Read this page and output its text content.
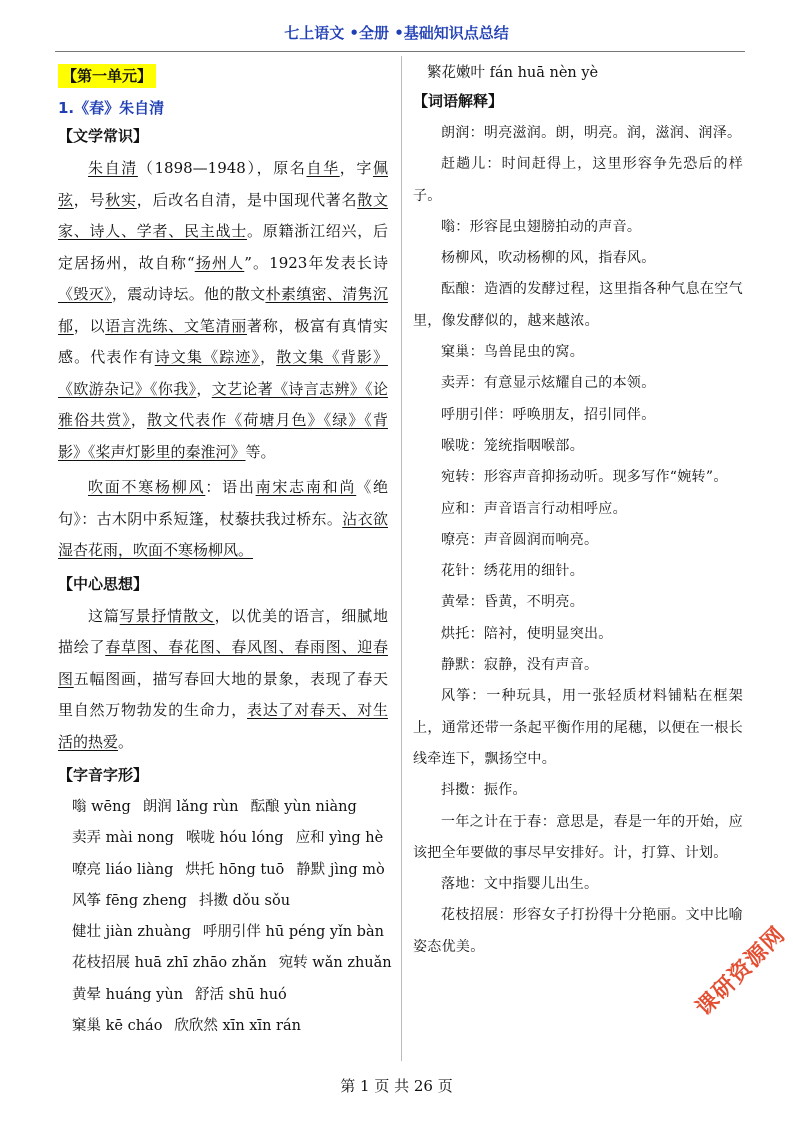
七上语文 •全册 •基础知识点总结
【第一单元】
1.《春》朱自清
【文学常识】

朱自清（1898—1948），原名自华，字佩弦，号秋实，后改名自清，是中国现代著名散文家、诗人、学者、民主战士。原籍浙江绍兴，后定居扬州，故自称“扬州人”。1923年发表长诗《毁灭》，震动诗坛。他的散文朴素缜密、清隽沉郁，以语言洗练、文笔清丽著称，极富有真情实感。代表作有诗文集《踪迹》，散文集《背影》《欧游杂记》《你我》，文艺论著《诗言志辨》《论雅俗共赏》，散文代表作《荷塘月色》《绿》《背影》《桨声灯影里的秦淮河》等。

吹面不寒杨柳风：语出南宋志南和尚《绝句》：古木阴中系短篷，杖藜扶我过桥东。沾衣欲湿杏花雨，吹面不寒杨柳风。

【中心思想】

这篇写景抒情散文，以优美的语言，细腻地描绘了春草图、春花图、春风图、春雨图、迎春图五幅图画，描写春回大地的景象，表现了春天里自然万物勃发的生命力，表达了对春天、对生活的热爱。

【字音字形】
嗡 wēng 朗润 lǎng rùn 酝酿 yùn niàng
卖弄 mài nong 喉咙 hóu lóng 应和 yìng hè
嘹亮 liáo liàng 烘托 hōng tuō 静默 jìng mò
风筝 fēng zheng 抖擞 dǒu sǒu
健壮 jiàn zhuàng 呼朋引伴 hū péng yǐn bàn
花枝招展 huā zhī zhāo zhǎn 宛转 wǎn zhuǎn
黄晕 huáng yùn 舒活 shū huó
窠巢 kē cháo 欣欣然 xīn xīn rán
繁花嫩叶 fán huā nèn yè
【词语解释】

朗润：明亮滋润。朗，明亮。润，滋润、润泽。

赶趟儿：时间赶得上，这里形容争先恐后的样子。

嗡：形容昆虫翅膀拍动的声音。

杨柳风，吹动杨柳的风，指春风。

酝酿：造酒的发酵过程，这里指各种气息在空气里，像发酵似的，越来越浓。

窠巢：鸟兽昆虫的窝。

卖弄：有意显示炫耀自己的本领。

呼朋引伴：呼唤朋友，招引同伴。

喉咙：笼统指咽喉部。

宛转：形容声音抑扬动听。现多写作“婉转”。

应和：声音语言行动相呼应。

嘹亮：声音圆润而响亮。

花针：绣花用的细针。

黄晕：昏黄，不明亮。

烘托：陪衬，使明显突出。

静默：寂静，没有声音。

风筝：一种玩具，用一张轻质材料铺粘在框架上，通常还带一条起平衡作用的尾穗，以便在一根长线牵连下，飘扬空中。

抖擞：振作。

一年之计在于春：意思是，春是一年的开始，应该把全年要做的事尽早安排好。计，打算、计划。

落地：文中指婴儿出生。

花枝招展：形容女子打扮得十分艳丽。文中比喻姿态优美。

第 1 页 共 26 页
课研资源网
